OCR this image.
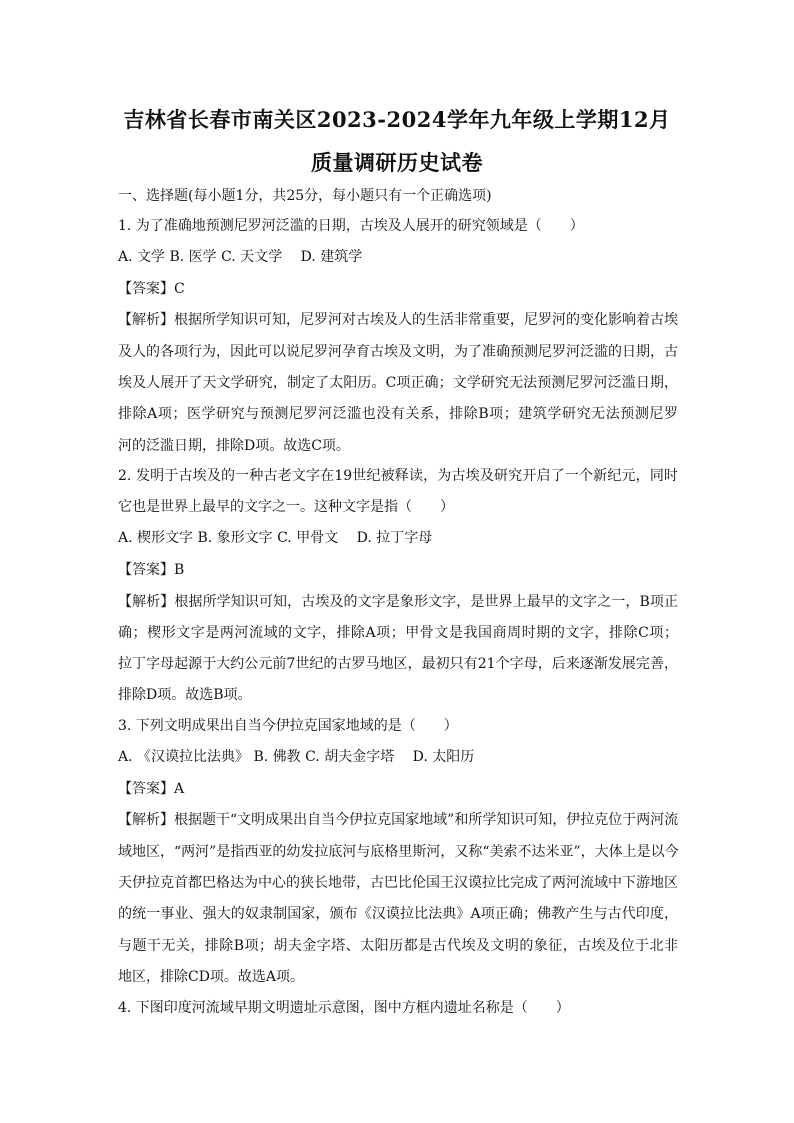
吉林省长春市南关区2023-2024学年九年级上学期12月
质量调研历史试卷
一、选择题(每小题1分，共25分，每小题只有一个正确选项)
1. 为了准确地预测尼罗河泛滥的日期，古埃及人展开的研究领域是（　　）
A. 文学 B. 医学 C. 天文学　 D. 建筑学
【答案】C
【解析】根据所学知识可知，尼罗河对古埃及人的生活非常重要，尼罗河的变化影响着古埃
及人的各项行为，因此可以说尼罗河孕育古埃及文明，为了准确预测尼罗河泛滥的日期，古
埃及人展开了天文学研究，制定了太阳历。C项正确；文学研究无法预测尼罗河泛滥日期，
排除A项；医学研究与预测尼罗河泛滥也没有关系，排除B项；建筑学研究无法预测尼罗
河的泛滥日期，排除D项。故选C项。
2. 发明于古埃及的一种古老文字在19世纪被释读，为古埃及研究开启了一个新纪元，同时
它也是世界上最早的文字之一。这种文字是指（　　）
A. 楔形文字 B. 象形文字 C. 甲骨文　 D. 拉丁字母
【答案】B
【解析】根据所学知识可知，古埃及的文字是象形文字，是世界上最早的文字之一，B项正
确；楔形文字是两河流域的文字，排除A项；甲骨文是我国商周时期的文字，排除C项；
拉丁字母起源于大约公元前7世纪的古罗马地区，最初只有21个字母，后来逐渐发展完善，
排除D项。故选B项。
3. 下列文明成果出自当今伊拉克国家地域的是（　　）
A. 《汉谟拉比法典》 B. 佛教 C. 胡夫金字塔　 D. 太阳历
【答案】A
【解析】根据题干“文明成果出自当今伊拉克国家地域”和所学知识可知，伊拉克位于两河流
域地区，“两河”是指西亚的幼发拉底河与底格里斯河，又称“美索不达米亚”，大体上是以今
天伊拉克首都巴格达为中心的狭长地带，古巴比伦国王汉谟拉比完成了两河流域中下游地区
的统一事业、强大的奴隶制国家，颁布《汉谟拉比法典》A项正确；佛教产生与古代印度，
与题干无关，排除B项；胡夫金字塔、太阳历都是古代埃及文明的象征，古埃及位于北非
地区，排除CD项。故选A项。
4. 下图印度河流域早期文明遗址示意图，图中方框内遗址名称是（　　）
